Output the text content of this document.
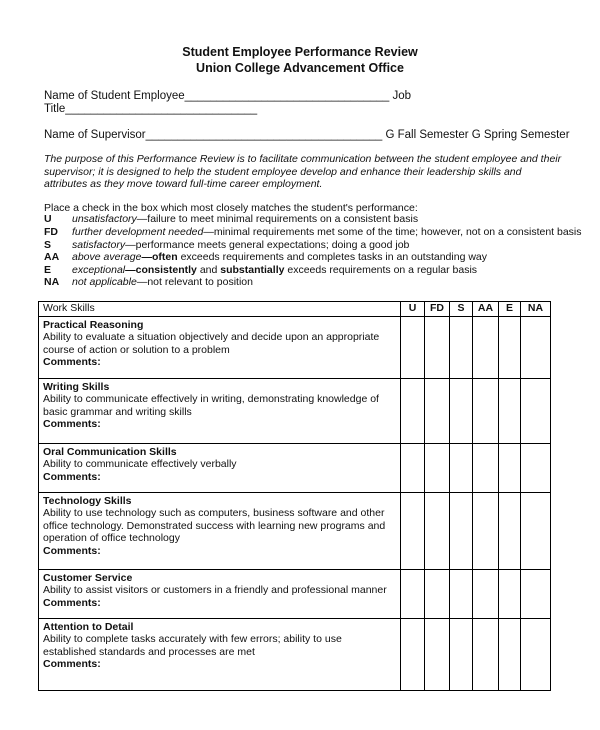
Student Employee Performance Review
Union College Advancement Office
Name of Student Employee________________________________ Job
Title______________________________
Name of Supervisor_____________________________________ G Fall Semester G Spring Semester
The purpose of this Performance Review is to facilitate communication between the student employee and their supervisor; it is designed to help the student employee develop and enhance their leadership skills and attributes as they move toward full-time career employment.
Place a check in the box which most closely matches the student's performance:
U unsatisfactory—failure to meet minimal requirements on a consistent basis
FD further development needed—minimal requirements met some of the time; however, not on a consistent basis
S satisfactory—performance meets general expectations; doing a good job
AA above average—often exceeds requirements and completes tasks in an outstanding way
E exceptional—consistently and substantially exceeds requirements on a regular basis
NA not applicable—not relevant to position
Work Skills	U	FD	S	AA	E	NA

Practical Reasoning
Ability to evaluate a situation objectively and decide upon an appropriate course of action or solution to a problem
Comments:						

Writing Skills
Ability to communicate effectively in writing, demonstrating knowledge of basic grammar and writing skills
Comments:						

Oral Communication Skills
Ability to communicate effectively verbally
Comments:						

Technology Skills
Ability to use technology such as computers, business software and other office technology. Demonstrated success with learning new programs and operation of office technology
Comments:						

Customer Service
Ability to assist visitors or customers in a friendly and professional manner
Comments:						

Attention to Detail
Ability to complete tasks accurately with few errors; ability to use established standards and processes are met
Comments:						
